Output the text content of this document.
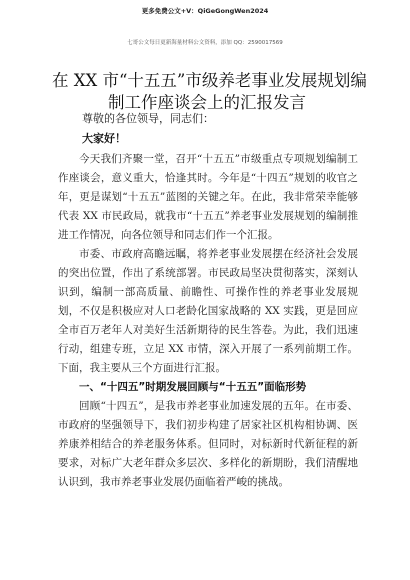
更多免费公文+V：QiGeGongWen2024
七哥公文每日更新海量材料公文资料，添加 QQ：2590017569
在 XX 市“十五五”市级养老事业发展规划编
制工作座谈会上的汇报发言
尊敬的各位领导，同志们：
大家好！

今天我们齐聚一堂，召开“十五五”市级重点专项规划编制工作座谈会，意义重大，恰逢其时。今年是“十四五”规划的收官之年，更是谋划“十五五”蓝图的关键之年。在此，我非常荣幸能够代表 XX 市民政局，就我市“十五五”养老事业发展规划的编制推进工作情况，向各位领导和同志们作一个汇报。

市委、市政府高瞻远瞩，将养老事业发展摆在经济社会发展的突出位置，作出了系统部署。市民政局坚决贯彻落实，深刻认识到，编制一部高质量、前瞻性、可操作性的养老事业发展规划，不仅是积极应对人口老龄化国家战略的 XX 实践，更是回应全市百万老年人对美好生活新期待的民生答卷。为此，我们迅速行动，组建专班，立足 XX 市情，深入开展了一系列前期工作。下面，我主要从三个方面进行汇报。

一、“十四五”时期发展回顾与“十五五”面临形势

回顾“十四五”，是我市养老事业加速发展的五年。在市委、市政府的坚强领导下，我们初步构建了居家社区机构相协调、医养康养相结合的养老服务体系。但同时，对标新时代新征程的新要求，对标广大老年群众多层次、多样化的新期盼，我们清醒地认识到，我市养老事业发展仍面临着严峻的挑战。
